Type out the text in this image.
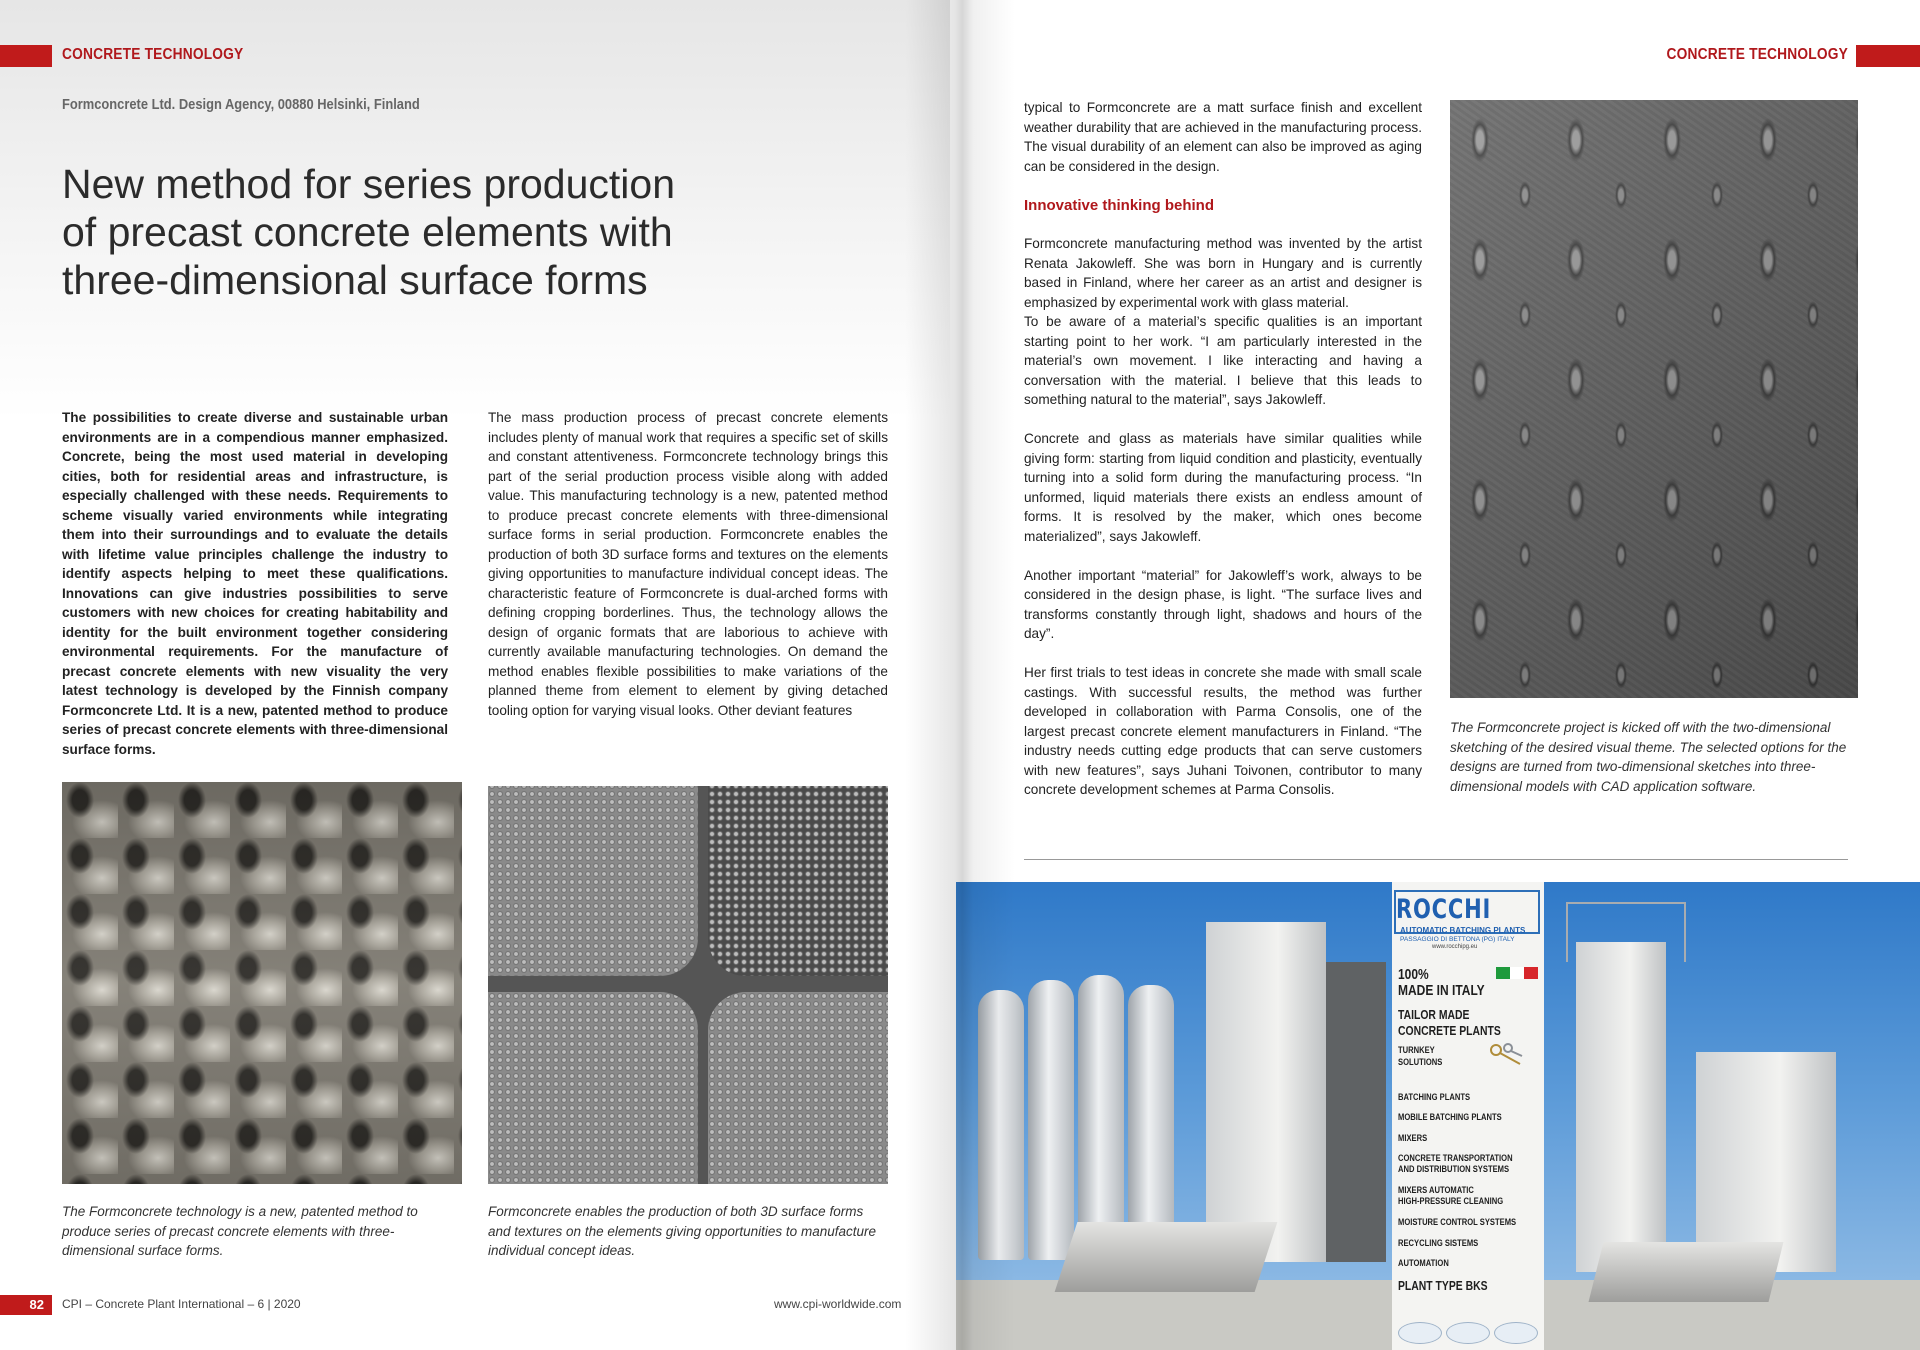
CONCRETE TECHNOLOGY
Formconcrete Ltd. Design Agency, 00880 Helsinki, Finland
New method for series production
of precast concrete elements with
three-dimensional surface forms

The possibilities to create diverse and sustainable urban environments are in a compendious manner emphasized. Concrete, being the most used material in developing cities, both for residential areas and infrastructure, is especially challenged with these needs. Requirements to scheme visually varied environments while integrating them into their surroundings and to evaluate the details with lifetime value principles challenge the industry to identify aspects helping to meet these qualifications. Innovations can give industries possibilities to serve customers with new choices for creating habitability and identity for the built environment together considering environmental requirements. For the manufacture of precast concrete elements with new visuality the very latest technology is developed by the Finnish company Formconcrete Ltd. It is a new, patented method to produce series of precast concrete elements with three-dimensional surface forms.

The mass production process of precast concrete elements includes plenty of manual work that requires a specific set of skills and constant attentiveness. Formconcrete technology brings this part of the serial production process visible along with added value. This manufacturing technology is a new, patented method to produce precast concrete elements with three-dimensional surface forms in serial production. Formconcrete enables the production of both 3D surface forms and textures on the elements giving opportunities to manufacture individual concept ideas. The characteristic feature of Formconcrete is dual-arched forms with defining cropping borderlines. Thus, the technology allows the design of organic formats that are laborious to achieve with currently available manufacturing technologies. On demand the method enables flexible possibilities to make variations of the planned theme from element to element by giving detached tooling option for varying visual looks. Other deviant features

The Formconcrete technology is a new, patented method to produce series of precast concrete elements with three-dimensional surface forms.

Formconcrete enables the production of both 3D surface forms and textures on the elements giving opportunities to manufacture individual concept ideas.

82	CPI – Concrete Plant International – 6 | 2020	www.cpi-worldwide.com
CONCRETE TECHNOLOGY

typical to Formconcrete are a matt surface finish and excellent weather durability that are achieved in the manufacturing process. The visual durability of an element can also be improved as aging can be considered in the design.

Innovative thinking behind

Formconcrete manufacturing method was invented by the artist Renata Jakowleff. She was born in Hungary and is currently based in Finland, where her career as an artist and designer is emphasized by experimental work with glass material.
To be aware of a material’s specific qualities is an important starting point to her work. “I am particularly interested in the material’s own movement. I like interacting and having a conversation with the material. I believe that this leads to something natural to the material”, says Jakowleff.

Concrete and glass as materials have similar qualities while giving form: starting from liquid condition and plasticity, eventually turning into a solid form during the manufacturing process. “In unformed, liquid materials there exists an endless amount of forms. It is resolved by the maker, which ones become materialized”, says Jakowleff.

Another important “material” for Jakowleff’s work, always to be considered in the design phase, is light. “The surface lives and transforms constantly through light, shadows and hours of the day”.

Her first trials to test ideas in concrete she made with small scale castings. With successful results, the method was further developed in collaboration with Parma Consolis, one of the largest precast concrete element manufacturers in Finland. “The industry needs cutting edge products that can serve customers with new features”, says Juhani Toivonen, contributor to many concrete development schemes at Parma Consolis.

The Formconcrete project is kicked off with the two-dimensional sketching of the desired visual theme. The selected options for the designs are turned from two-dimensional sketches into three-dimensional models with CAD application software.

ROCCHI
AUTOMATIC BATCHING PLANTS
PASSAGGIO DI BETTONA (PG) ITALY
www.rocchipg.eu
100%
MADE IN ITALY
TAILOR MADE
CONCRETE PLANTS
TURNKEY
SOLUTIONS
BATCHING PLANTS
MOBILE BATCHING PLANTS
MIXERS
CONCRETE TRANSPORTATION
AND DISTRIBUTION SYSTEMS
MIXERS AUTOMATIC
HIGH-PRESSURE CLEANING
MOISTURE CONTROL SYSTEMS
RECYCLING SISTEMS
AUTOMATION
PLANT TYPE BKS
